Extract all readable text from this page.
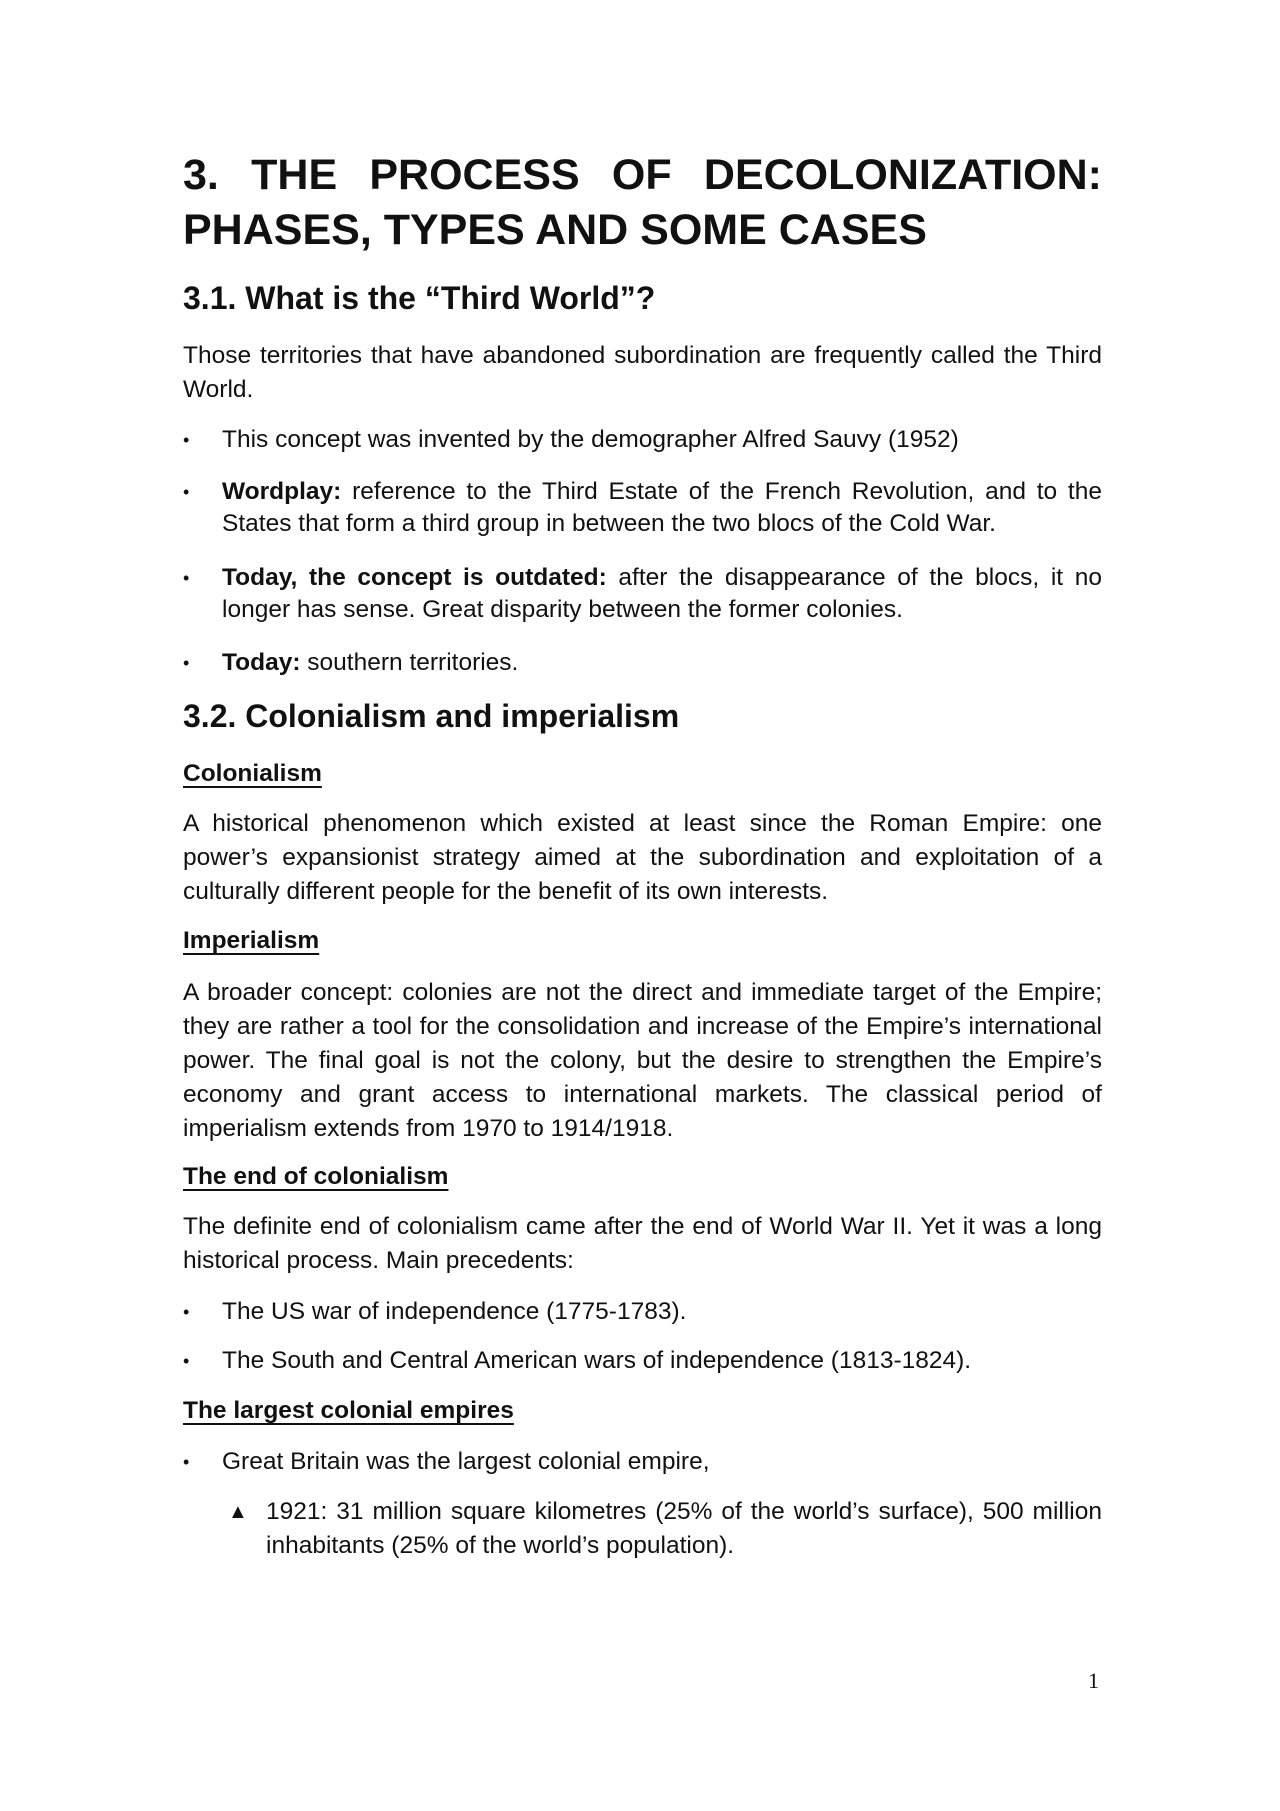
3. THE PROCESS OF DECOLONIZATION:
PHASES, TYPES AND SOME CASES
3.1. What is the “Third World”?

Those territories that have abandoned subordination are frequently called the Third World.

•	This concept was invented by the demographer Alfred Sauvy (1952)
•	Wordplay: reference to the Third Estate of the French Revolution, and to the States that form a third group in between the two blocs of the Cold War.
•	Today, the concept is outdated: after the disappearance of the blocs, it no longer has sense. Great disparity between the former colonies.
•	Today: southern territories.
3.2. Colonialism and imperialism
Colonialism

A historical phenomenon which existed at least since the Roman Empire: one power’s expansionist strategy aimed at the subordination and exploitation of a culturally different people for the benefit of its own interests.

Imperialism

A broader concept: colonies are not the direct and immediate target of the Empire; they are rather a tool for the consolidation and increase of the Empire’s international power. The final goal is not the colony, but the desire to strengthen the Empire’s economy and grant access to international markets. The classical period of imperialism extends from 1970 to 1914/1918.

The end of colonialism

The definite end of colonialism came after the end of World War II. Yet it was a long historical process. Main precedents:

•	The US war of independence (1775-1783).
•	The South and Central American wars of independence (1813-1824).
The largest colonial empires
•	Great Britain was the largest colonial empire,
▲ 1921: 31 million square kilometres (25% of the world’s surface), 500 million inhabitants (25% of the world’s population).
1
